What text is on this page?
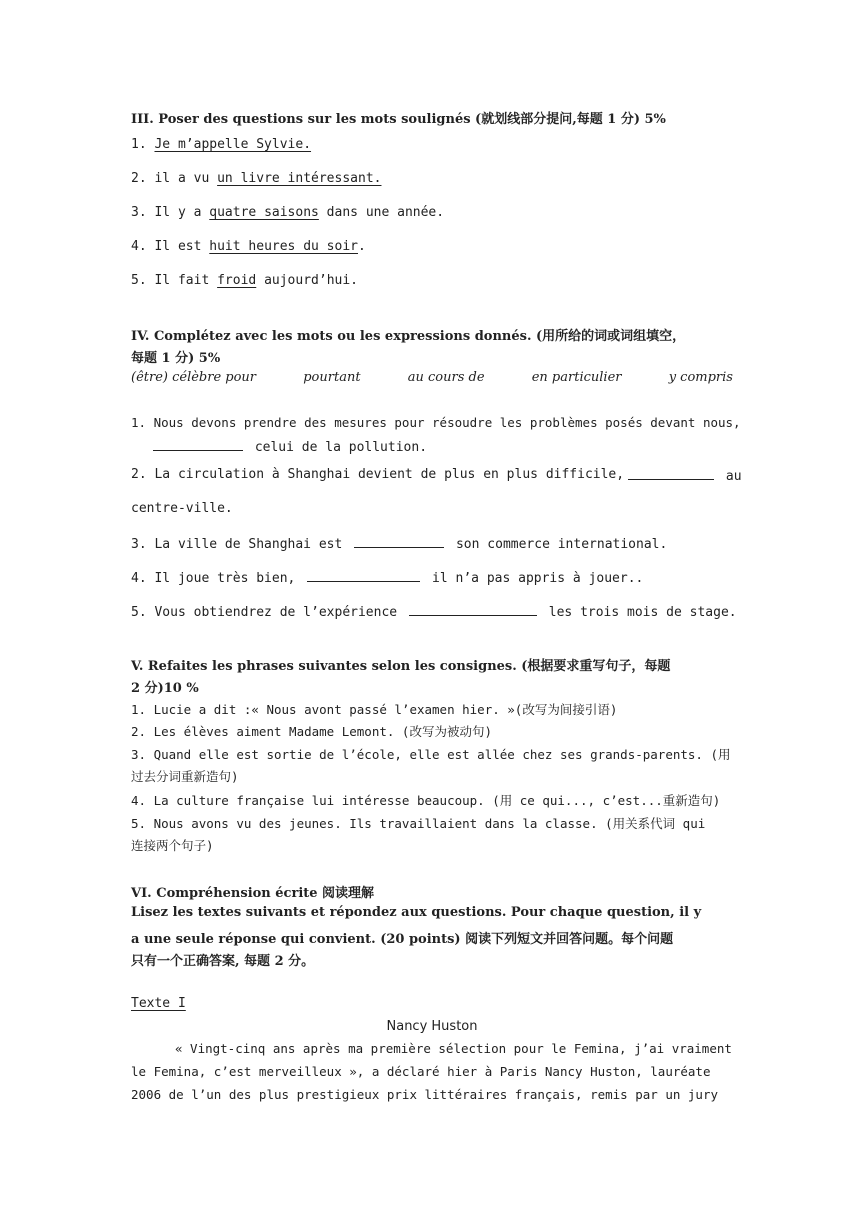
III. Poser des questions sur les mots soulignés (就划线部分提问,每题 1 分) 5%
1. Je m’appelle Sylvie.
2. il a vu un livre intéressant.
3. Il y a quatre saisons dans une année.
4. Il est huit heures du soir.
5. Il fait froid aujourd’hui.
IV. Complétez avec les mots ou les expressions donnés. (用所给的词或词组填空，
每题 1 分) 5%
(être) célèbre pour	pourtant	au cours de	en particulier	y compris
1. Nous devons prendre des mesures pour résoudre les problèmes posés devant nous,
celui de la pollution.
2. La circulation à Shanghai devient de plus en plus difficile,	au
centre-ville.
3. La ville de Shanghai est	son commerce international.
4. Il joue très bien,	il n’a pas appris à jouer..
5. Vous obtiendrez de l’expérience	les trois mois de stage.
V. Refaites les phrases suivantes selon les consignes. (根据要求重写句子，每题
2 分)10 %
1. Lucie a dit :« Nous avont passé l’examen hier. »(改写为间接引语)
2. Les élèves aiment Madame Lemont. (改写为被动句)
3. Quand elle est sortie de l’école, elle est allée chez ses grands-parents. (用
过去分词重新造句)
4. La culture française lui intéresse beaucoup. (用 ce qui..., c’est...重新造句)
5. Nous avons vu des jeunes. Ils travaillaient dans la classe. (用关系代词 qui
连接两个句子)
VI. Compréhension écrite 阅读理解
Lisez les textes suivants et répondez aux questions. Pour chaque question, il y
a une seule réponse qui convient. (20 points) 阅读下列短文并回答问题。每个问题
只有一个正确答案, 每题 2 分。
Texte I
Nancy Huston
« Vingt-cinq ans après ma première sélection pour le Femina, j’ai vraiment
le Femina, c’est merveilleux », a déclaré hier à Paris Nancy Huston, lauréate
2006 de l’un des plus prestigieux prix littéraires français, remis par un jury
